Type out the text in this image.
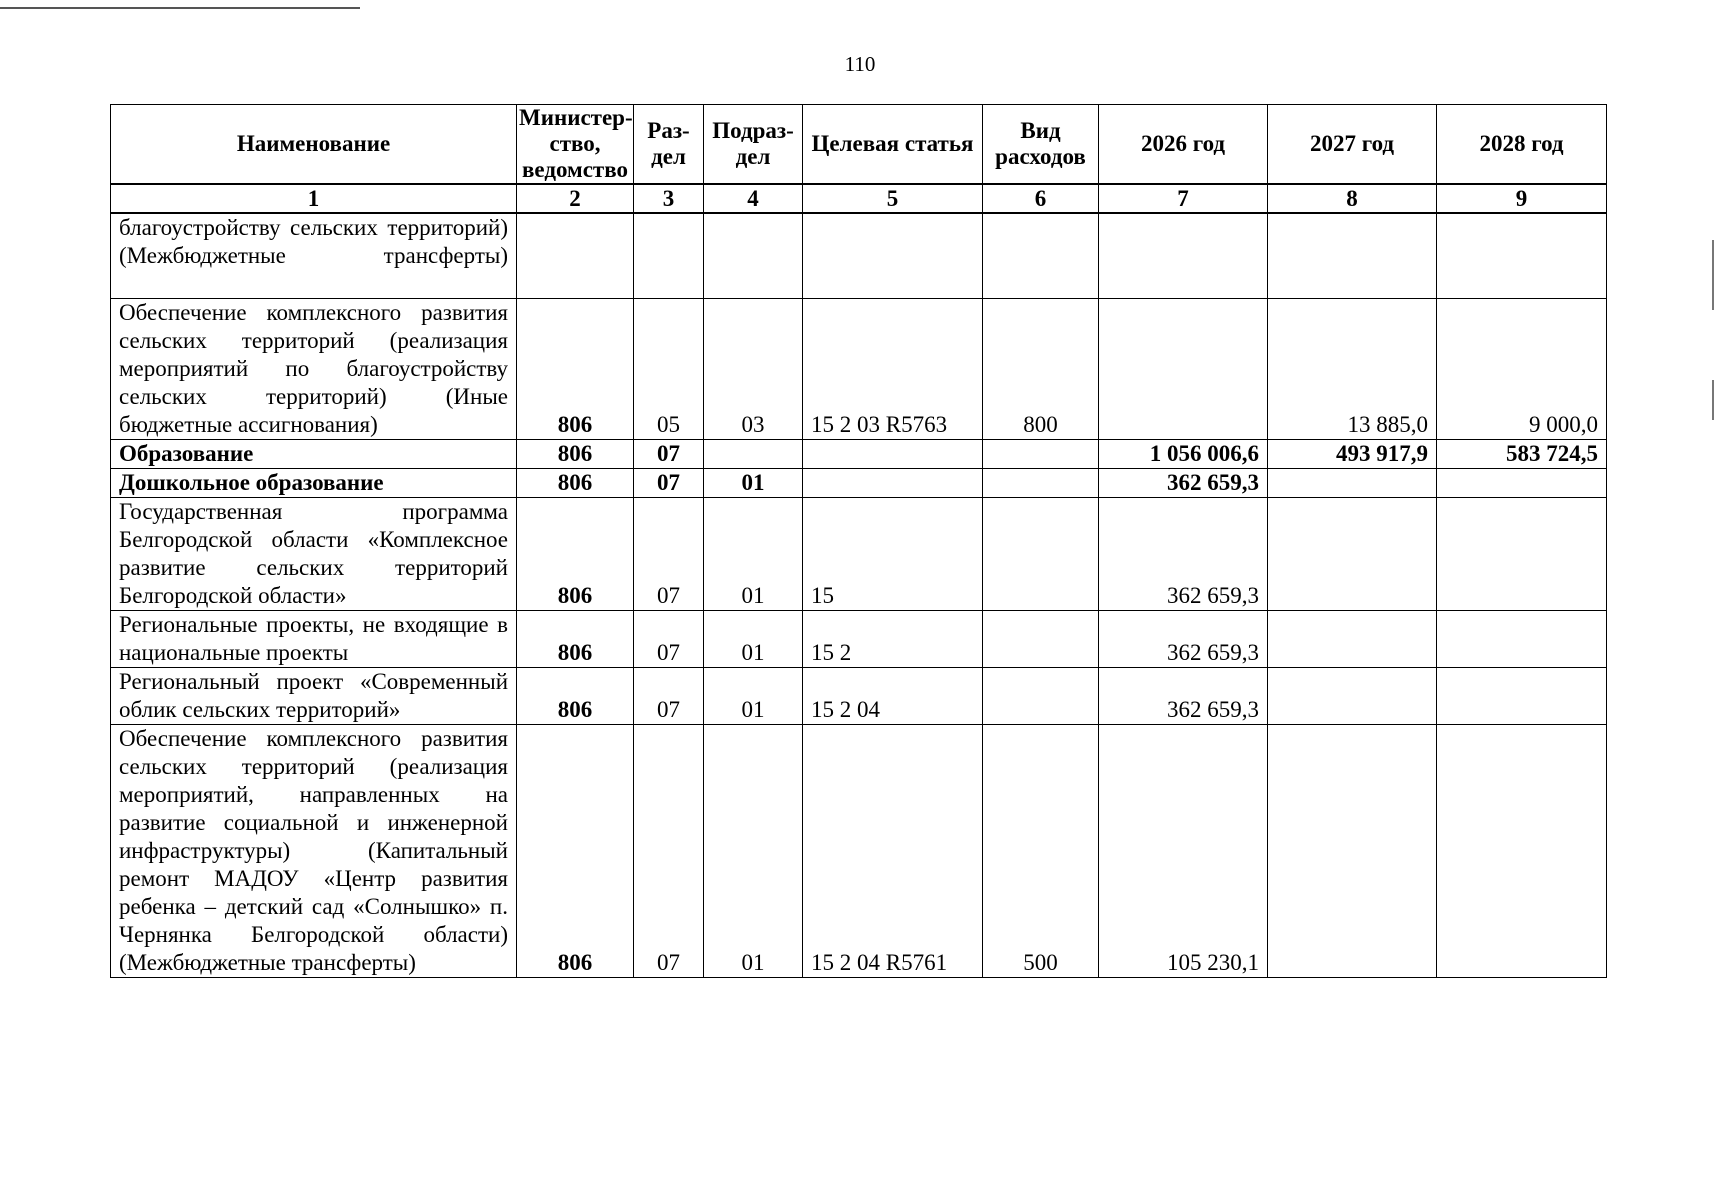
110
Наименование	Министер-ство, ведомство	Раз-дел	Подраз-дел	Целевая статья	Вид расходов	2026 год	2027 год	2028 год
1	2	3	4	5	6	7	8	9
благоустройству сельских территорий) (Межбюджетные трансферты)								
Обеспечение комплексного развития сельских территорий (реализация мероприятий по благоустройству сельских территорий) (Иные бюджетные ассигнования)	806	05	03	15 2 03 R5763	800		13 885,0	9 000,0
Образование	806	07				1 056 006,6	493 917,9	583 724,5
Дошкольное образование	806	07	01			362 659,3		
Государственная программа Белгородской области «Комплексное развитие сельских территорий Белгородской области»	806	07	01	15		362 659,3		
Региональные проекты, не входящие в национальные проекты	806	07	01	15 2		362 659,3		
Региональный проект «Современный облик сельских территорий»	806	07	01	15 2 04		362 659,3		
Обеспечение комплексного развития сельских территорий (реализация мероприятий, направленных на развитие социальной и инженерной инфраструктуры) (Капитальный ремонт МАДОУ «Центр развития ребенка – детский сад «Солнышко» п. Чернянка Белгородской области) (Межбюджетные трансферты)	806	07	01	15 2 04 R5761	500	105 230,1		
